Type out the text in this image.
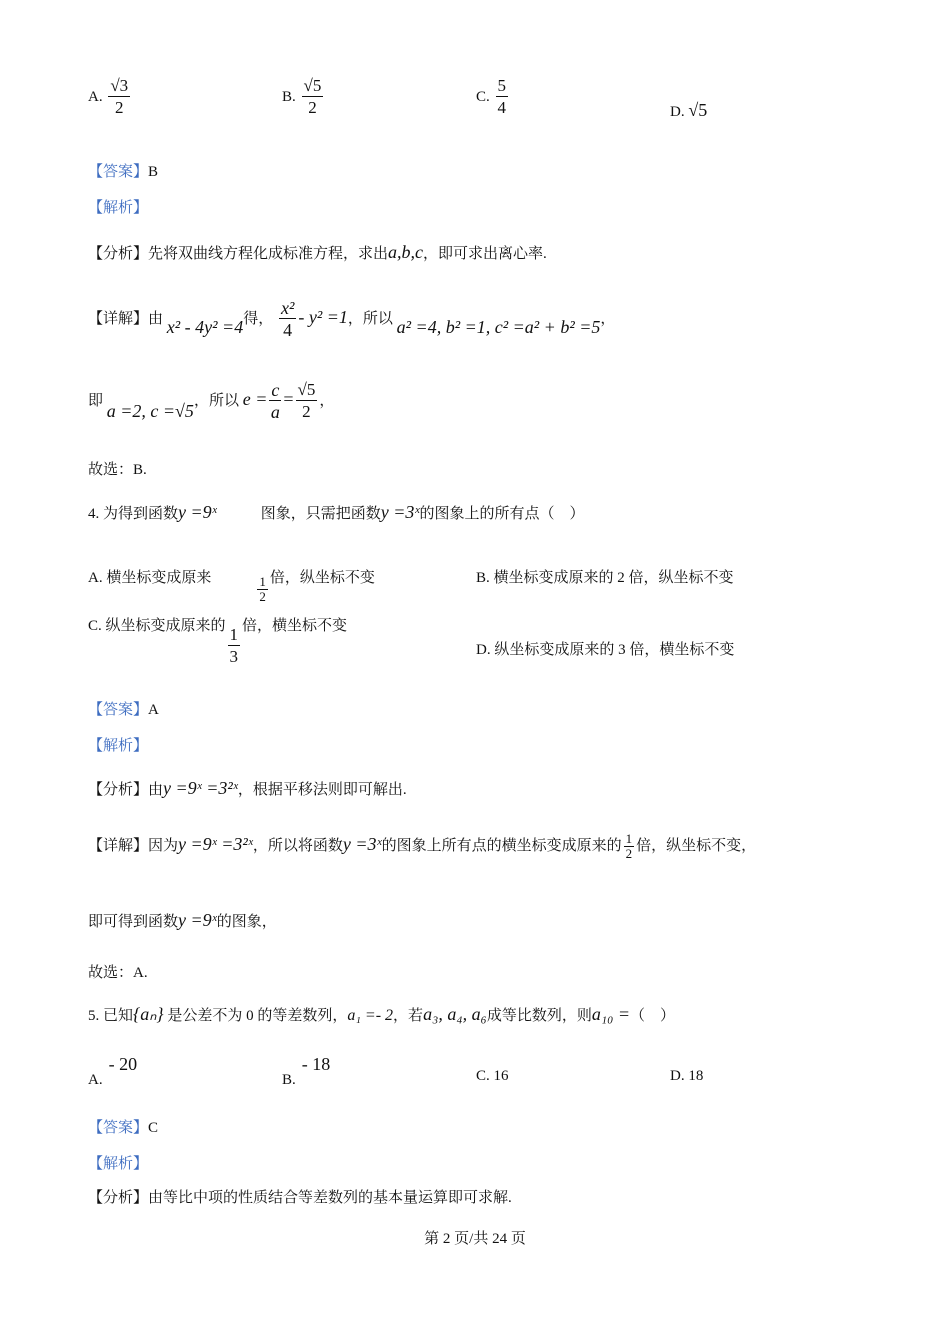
A. $\frac{√3}{2}$	B. $\frac{√5}{2}$	C. $\frac{5}{4}$	D. √5
【答案】B
【解析】
【分析】先将双曲线方程化成标准方程，求出a,b,c，即可求出离心率.
【详解】由 x² - 4y² =4得， $\frac{\text{x²}}{4} - y^2 =1$，所以 a² =4, b² =1, c² =a² + b² =5，
即 a =2, c =√5，所以 $e = \frac{c}{a} = \frac{√5}{2}$ ，
故选：B.
4. 为得到函数y =9ˣ	图象，只需把函数y =3ˣ的图象上的所有点（　）
A. 横坐标变成原来	$\frac{1}{2}$ 倍，纵坐标不变	B. 横坐标变成原来的 2 倍，纵坐标不变
C. 纵坐标变成原来的 $\frac{1}{3}$ 倍，横坐标不变
D. 纵坐标变成原来的 3 倍，横坐标不变
【答案】A
【解析】
【分析】由y =9ˣ =3²ˣ，根据平移法则即可解出.
【详解】因为y =9ˣ =3²ˣ，所以将函数y =3ˣ的图象上所有点的横坐标变成原来的 $\frac{1}{2}$ 倍，纵坐标不变，
即可得到函数y =9ˣ的图象，
故选：A.
5. 已知{aₙ} 是公差不为 0 的等差数列，a₁ =- 2，若a₃, a₄, a₆成等比数列，则a₁₀ =（　）
A.- 20
B.- 18
C. 16	D. 18
【答案】C
【解析】
【分析】由等比中项的性质结合等差数列的基本量运算即可求解.
第 2 页/共 24 页
